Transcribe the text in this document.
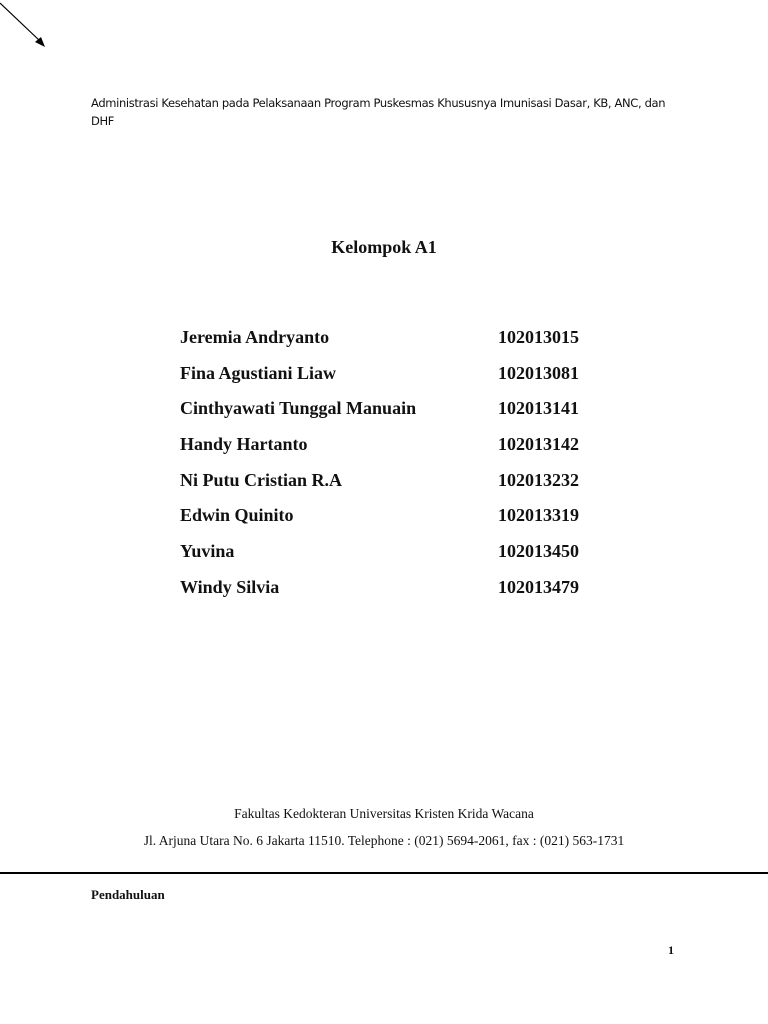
Administrasi Kesehatan pada Pelaksanaan Program Puskesmas Khususnya Imunisasi Dasar, KB, ANC, dan DHF

Kelompok A1
Jeremia Andryanto	102013015
Fina Agustiani Liaw	102013081
Cinthyawati Tunggal Manuain	102013141
Handy Hartanto	102013142
Ni Putu Cristian R.A	102013232
Edwin Quinito	102013319
Yuvina	102013450
Windy Silvia	102013479

Fakultas Kedokteran Universitas Kristen Krida Wacana

Jl. Arjuna Utara No. 6 Jakarta 11510. Telephone : (021) 5694-2061, fax : (021) 563-1731

Pendahuluan

1
